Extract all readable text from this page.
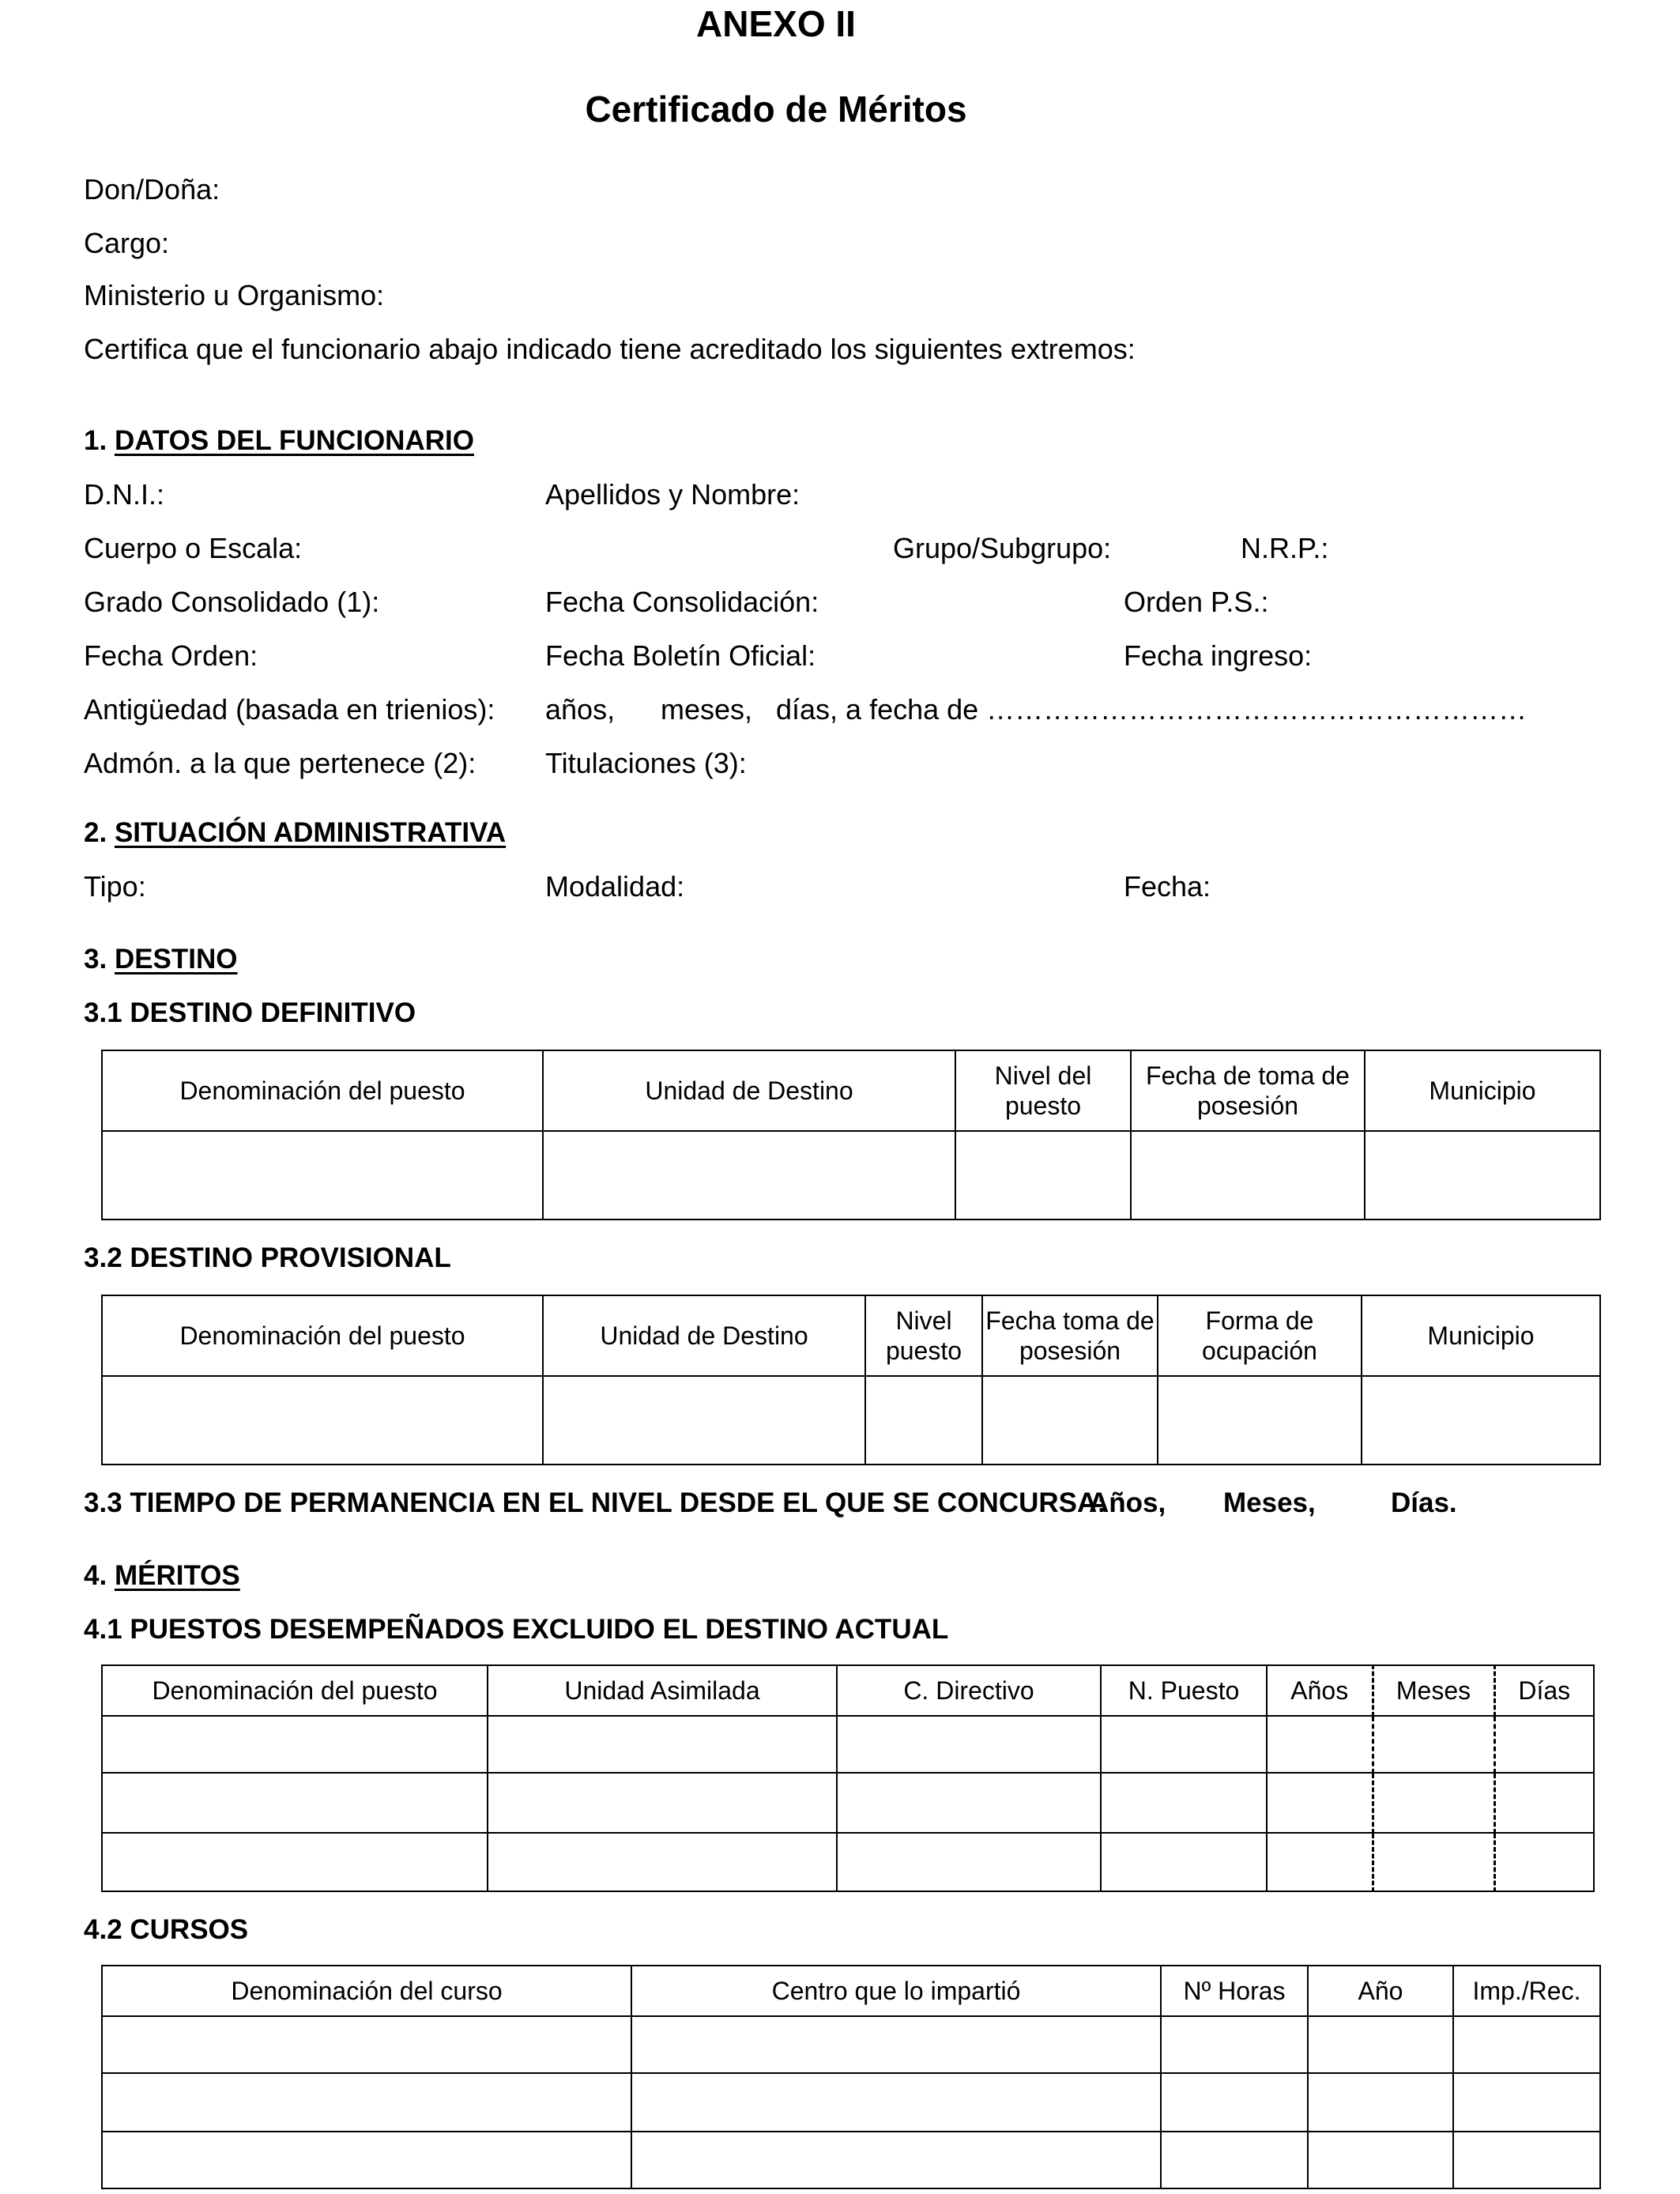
ANEXO II
Certificado de Méritos
Don/Doña:
Cargo:
Ministerio u Organismo:
Certifica que el funcionario abajo indicado tiene acreditado los siguientes extremos:
1. DATOS DEL FUNCIONARIO
D.N.I.:	Apellidos y Nombre:
Cuerpo o Escala:	Grupo/Subgrupo:	N.R.P.:
Grado Consolidado (1):	Fecha Consolidación:	Orden P.S.:
Fecha Orden:	Fecha Boletín Oficial:	Fecha ingreso:
Antigüedad (basada en trienios): años, meses, días, a fecha de …………………………………………………
Admón. a la que pertenece (2): Titulaciones (3):
2. SITUACIÓN ADMINISTRATIVA
Tipo:	Modalidad:	Fecha:
3. DESTINO
3.1 DESTINO DEFINITIVO
Denominación del puesto	Unidad de Destino	Nivel del puesto	Fecha de toma de posesión	Municipio

3.2 DESTINO PROVISIONAL
Denominación del puesto	Unidad de Destino	Nivel puesto	Fecha toma de posesión	Forma de ocupación	Municipio

3.3 TIEMPO DE PERMANENCIA EN EL NIVEL DESDE EL QUE SE CONCURSA:
Años, Meses,	Días.
4. MÉRITOS
4.1 PUESTOS DESEMPEÑADOS EXCLUIDO EL DESTINO ACTUAL
Denominación del puesto	Unidad Asimilada	C. Directivo	N. Puesto	Años	Meses	Días

4.2 CURSOS
Denominación del curso	Centro que lo impartió	Nº Horas	Año	Imp./Rec.
